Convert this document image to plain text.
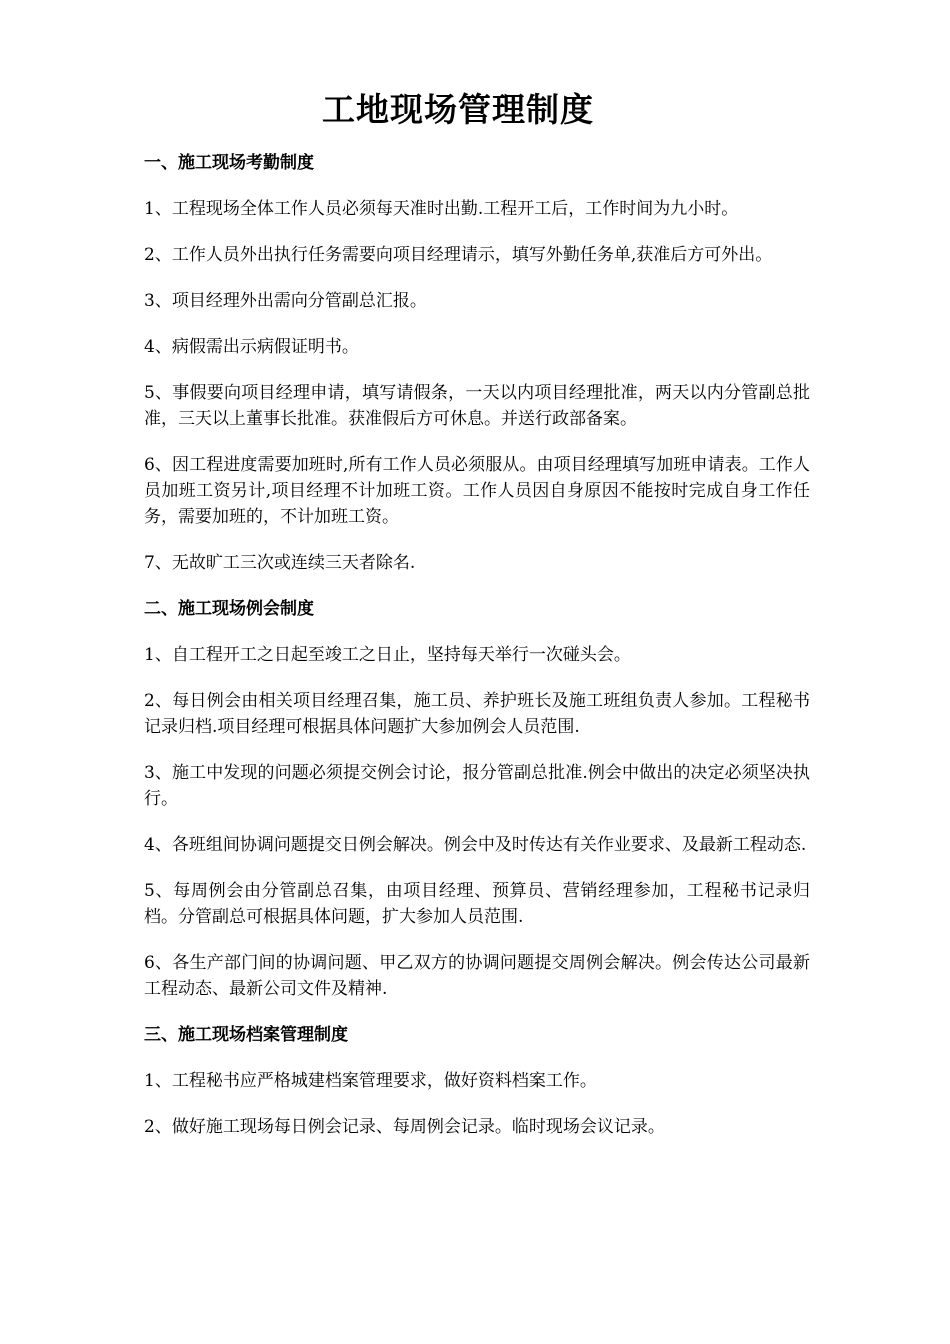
工地现场管理制度

一、施工现场考勤制度

1、工程现场全体工作人员必须每天准时出勤.工程开工后，工作时间为九小时。

2、工作人员外出执行任务需要向项目经理请示，填写外勤任务单,获准后方可外出。

3、项目经理外出需向分管副总汇报。

4、病假需出示病假证明书。

5、事假要向项目经理申请，填写请假条，一天以内项目经理批准，两天以内分管副总批准，三天以上董事长批准。获准假后方可休息。并送行政部备案。

6、因工程进度需要加班时,所有工作人员必须服从。由项目经理填写加班申请表。工作人员加班工资另计,项目经理不计加班工资。工作人员因自身原因不能按时完成自身工作任务，需要加班的，不计加班工资。

7、无故旷工三次或连续三天者除名.

二、施工现场例会制度

1、自工程开工之日起至竣工之日止，坚持每天举行一次碰头会。

2、每日例会由相关项目经理召集，施工员、养护班长及施工班组负责人参加。工程秘书记录归档.项目经理可根据具体问题扩大参加例会人员范围.

3、施工中发现的问题必须提交例会讨论，报分管副总批准.例会中做出的决定必须坚决执行。

4、各班组间协调问题提交日例会解决。例会中及时传达有关作业要求、及最新工程动态.

5、每周例会由分管副总召集，由项目经理、预算员、营销经理参加，工程秘书记录归档。分管副总可根据具体问题，扩大参加人员范围.

6、各生产部门间的协调问题、甲乙双方的协调问题提交周例会解决。例会传达公司最新工程动态、最新公司文件及精神.

三、施工现场档案管理制度

1、工程秘书应严格城建档案管理要求，做好资料档案工作。

2、做好施工现场每日例会记录、每周例会记录。临时现场会议记录。
